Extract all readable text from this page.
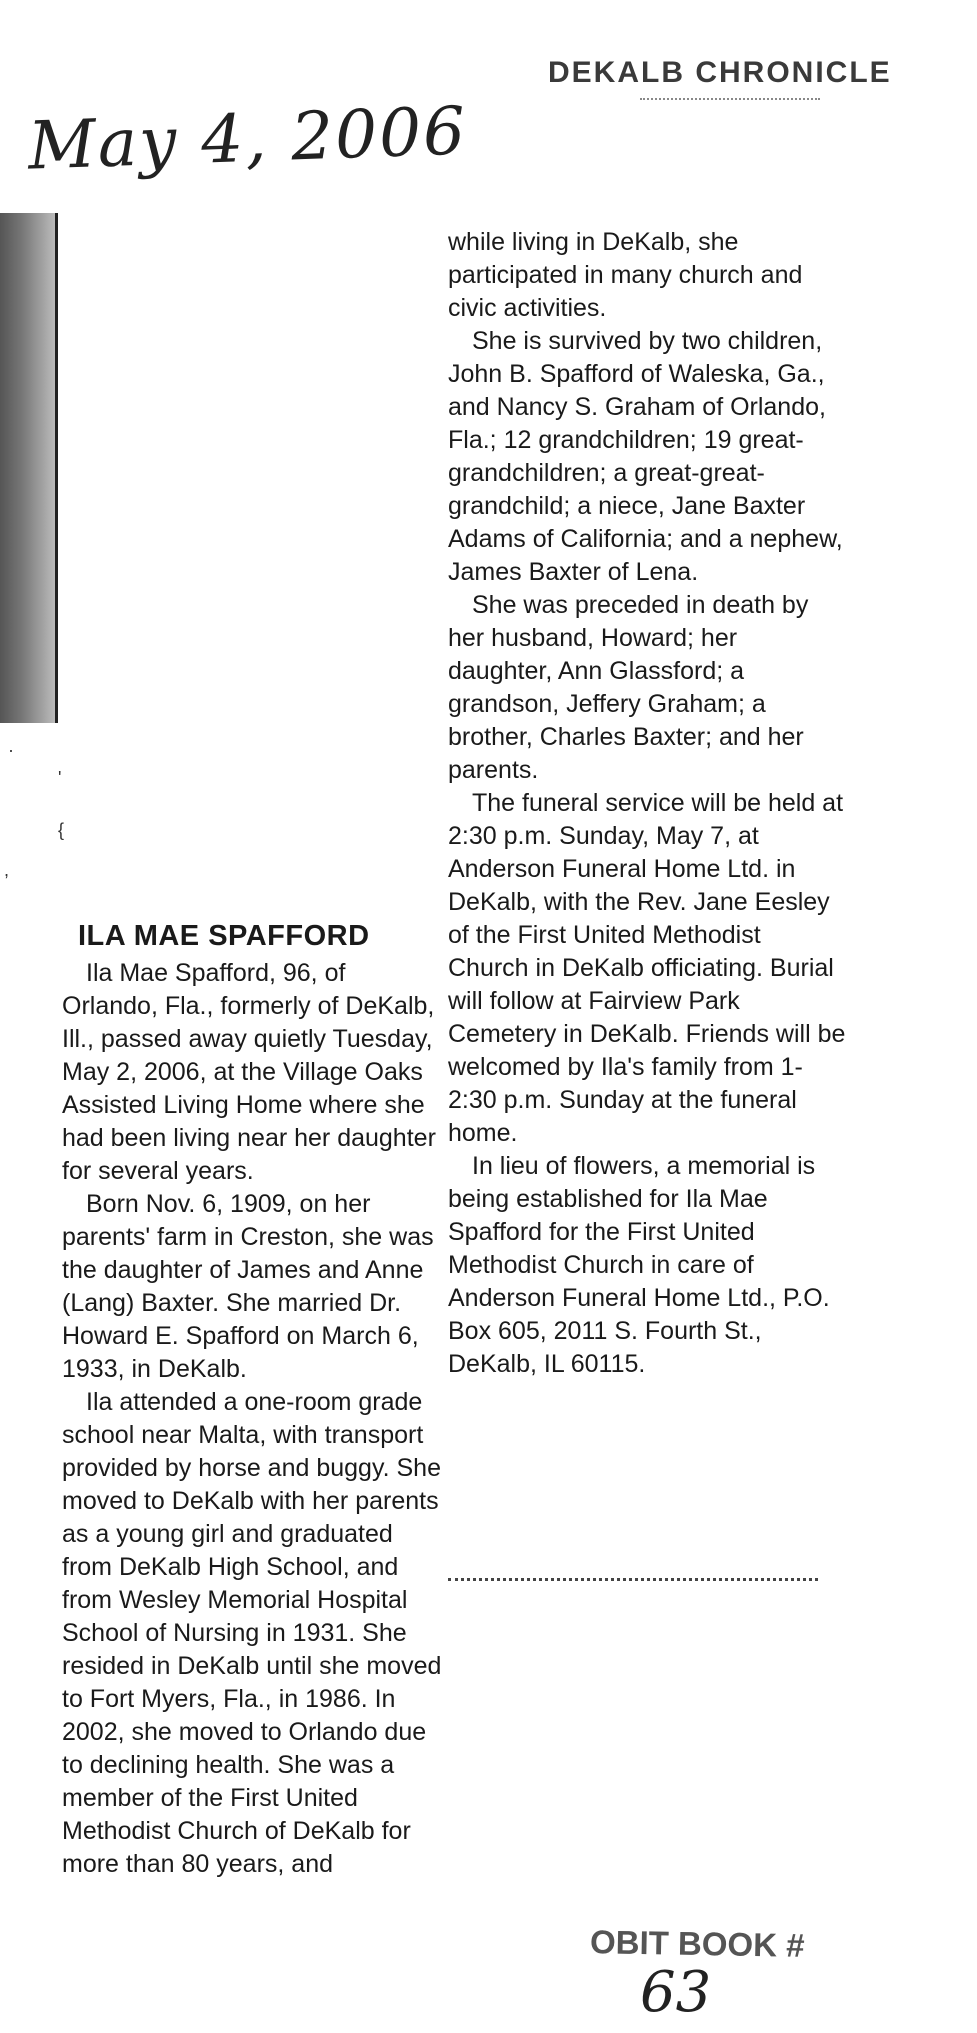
May 4, 2006
DEKALB CHRONICLE
·
'
{
,
ILA MAE SPAFFORD

Ila Mae Spafford, 96, of Orlando, Fla., formerly of DeKalb, Ill., passed away quietly Tuesday, May 2, 2006, at the Village Oaks Assisted Living Home where she had been living near her daughter for several years.

Born Nov. 6, 1909, on her parents' farm in Creston, she was the daughter of James and Anne (Lang) Baxter. She married Dr. Howard E. Spafford on March 6, 1933, in DeKalb.

Ila attended a one-room grade school near Malta, with transport provided by horse and buggy. She moved to DeKalb with her parents as a young girl and graduated from DeKalb High School, and from Wesley Memorial Hospital School of Nursing in 1931. She resided in DeKalb until she moved to Fort Myers, Fla., in 1986. In 2002, she moved to Orlando due to declining health. She was a member of the First United Methodist Church of DeKalb for more than 80 years, and

while living in DeKalb, she participated in many church and civic activities.

She is survived by two children, John B. Spafford of Waleska, Ga., and Nancy S. Graham of Orlando, Fla.; 12 grandchildren; 19 great-grandchildren; a great-great-grandchild; a niece, Jane Baxter Adams of California; and a nephew, James Baxter of Lena.

She was preceded in death by her husband, Howard; her daughter, Ann Glassford; a grandson, Jeffery Graham; a brother, Charles Baxter; and her parents.

The funeral service will be held at 2:30 p.m. Sunday, May 7, at Anderson Funeral Home Ltd. in DeKalb, with the Rev. Jane Eesley of the First United Methodist Church in DeKalb officiating. Burial will follow at Fairview Park Cemetery in DeKalb. Friends will be welcomed by Ila's family from 1-2:30 p.m. Sunday at the funeral home.

In lieu of flowers, a memorial is being established for Ila Mae Spafford for the First United Methodist Church in care of Anderson Funeral Home Ltd., P.O. Box 605, 2011 S. Fourth St., DeKalb, IL 60115.

OBIT BOOK #
63
